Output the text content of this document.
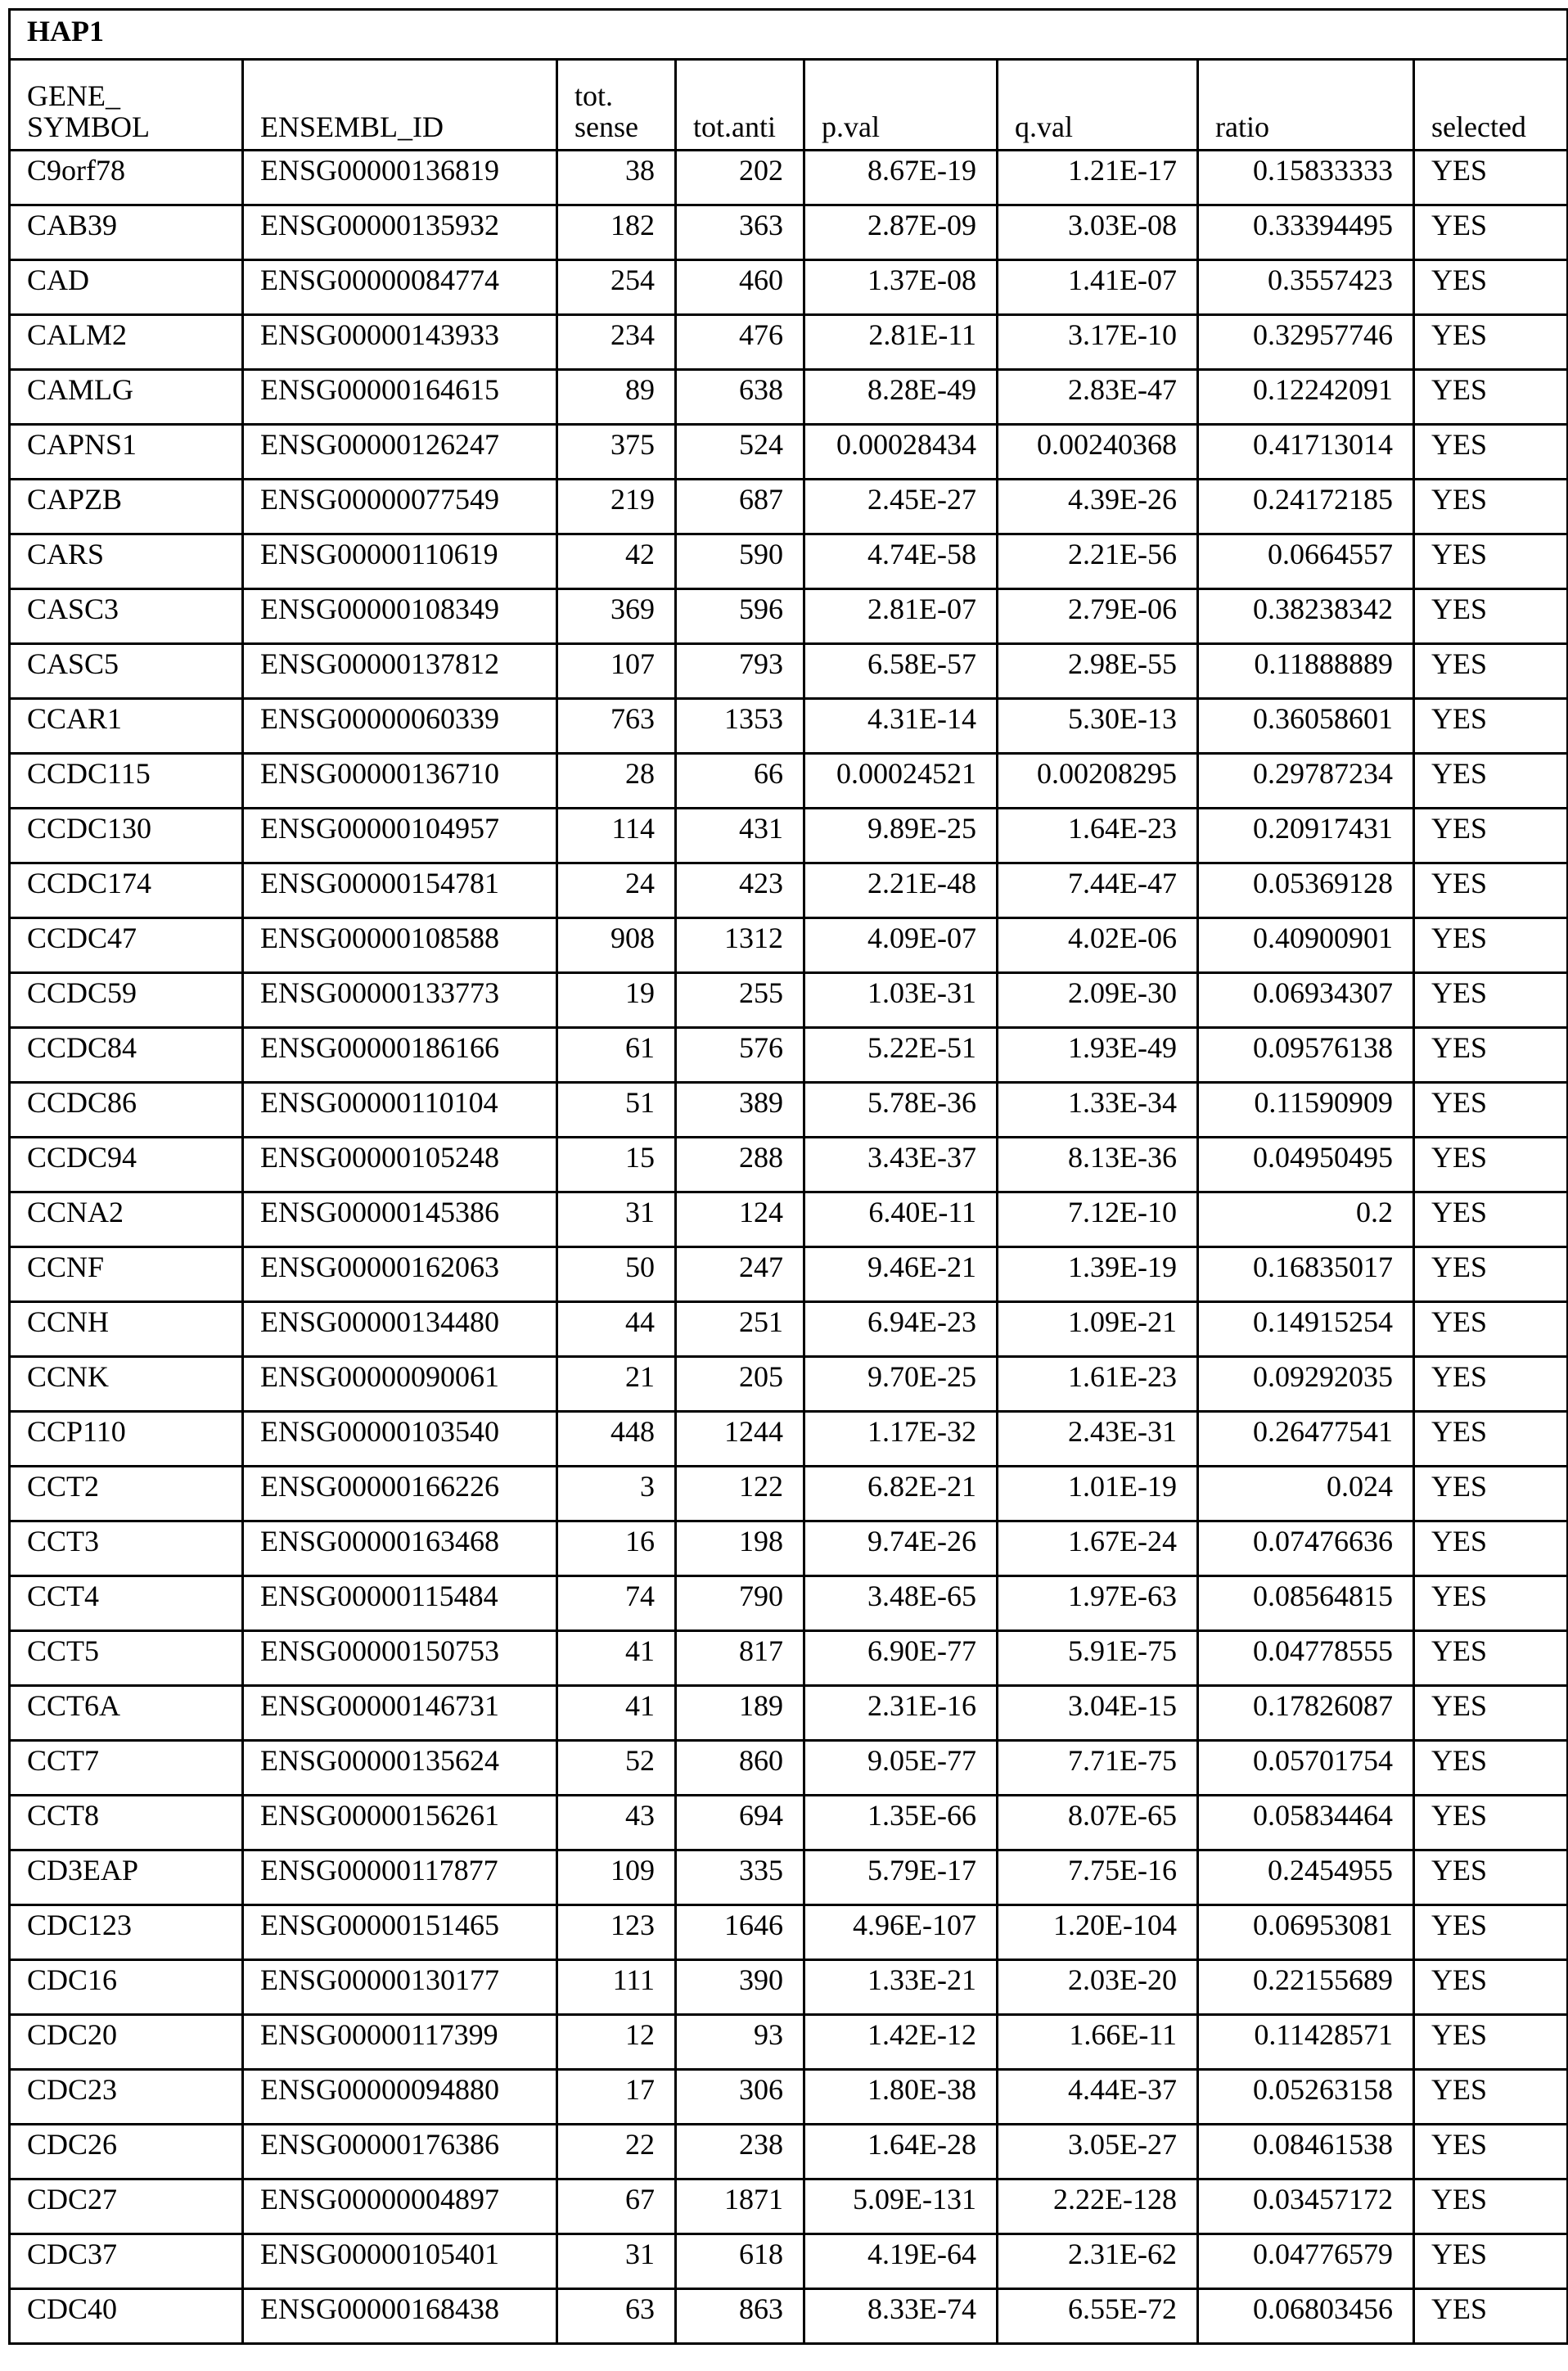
HAP1
GENE_ SYMBOL	ENSEMBL_ID	tot. sense	tot.anti	p.val	q.val	ratio	selected
C9orf78	ENSG00000136819	38	202	8.67E-19	1.21E-17	0.15833333	YES
CAB39	ENSG00000135932	182	363	2.87E-09	3.03E-08	0.33394495	YES
CAD	ENSG00000084774	254	460	1.37E-08	1.41E-07	0.3557423	YES
CALM2	ENSG00000143933	234	476	2.81E-11	3.17E-10	0.32957746	YES
CAMLG	ENSG00000164615	89	638	8.28E-49	2.83E-47	0.12242091	YES
CAPNS1	ENSG00000126247	375	524	0.00028434	0.00240368	0.41713014	YES
CAPZB	ENSG00000077549	219	687	2.45E-27	4.39E-26	0.24172185	YES
CARS	ENSG00000110619	42	590	4.74E-58	2.21E-56	0.0664557	YES
CASC3	ENSG00000108349	369	596	2.81E-07	2.79E-06	0.38238342	YES
CASC5	ENSG00000137812	107	793	6.58E-57	2.98E-55	0.11888889	YES
CCAR1	ENSG00000060339	763	1353	4.31E-14	5.30E-13	0.36058601	YES
CCDC115	ENSG00000136710	28	66	0.00024521	0.00208295	0.29787234	YES
CCDC130	ENSG00000104957	114	431	9.89E-25	1.64E-23	0.20917431	YES
CCDC174	ENSG00000154781	24	423	2.21E-48	7.44E-47	0.05369128	YES
CCDC47	ENSG00000108588	908	1312	4.09E-07	4.02E-06	0.40900901	YES
CCDC59	ENSG00000133773	19	255	1.03E-31	2.09E-30	0.06934307	YES
CCDC84	ENSG00000186166	61	576	5.22E-51	1.93E-49	0.09576138	YES
CCDC86	ENSG00000110104	51	389	5.78E-36	1.33E-34	0.11590909	YES
CCDC94	ENSG00000105248	15	288	3.43E-37	8.13E-36	0.04950495	YES
CCNA2	ENSG00000145386	31	124	6.40E-11	7.12E-10	0.2	YES
CCNF	ENSG00000162063	50	247	9.46E-21	1.39E-19	0.16835017	YES
CCNH	ENSG00000134480	44	251	6.94E-23	1.09E-21	0.14915254	YES
CCNK	ENSG00000090061	21	205	9.70E-25	1.61E-23	0.09292035	YES
CCP110	ENSG00000103540	448	1244	1.17E-32	2.43E-31	0.26477541	YES
CCT2	ENSG00000166226	3	122	6.82E-21	1.01E-19	0.024	YES
CCT3	ENSG00000163468	16	198	9.74E-26	1.67E-24	0.07476636	YES
CCT4	ENSG00000115484	74	790	3.48E-65	1.97E-63	0.08564815	YES
CCT5	ENSG00000150753	41	817	6.90E-77	5.91E-75	0.04778555	YES
CCT6A	ENSG00000146731	41	189	2.31E-16	3.04E-15	0.17826087	YES
CCT7	ENSG00000135624	52	860	9.05E-77	7.71E-75	0.05701754	YES
CCT8	ENSG00000156261	43	694	1.35E-66	8.07E-65	0.05834464	YES
CD3EAP	ENSG00000117877	109	335	5.79E-17	7.75E-16	0.2454955	YES
CDC123	ENSG00000151465	123	1646	4.96E-107	1.20E-104	0.06953081	YES
CDC16	ENSG00000130177	111	390	1.33E-21	2.03E-20	0.22155689	YES
CDC20	ENSG00000117399	12	93	1.42E-12	1.66E-11	0.11428571	YES
CDC23	ENSG00000094880	17	306	1.80E-38	4.44E-37	0.05263158	YES
CDC26	ENSG00000176386	22	238	1.64E-28	3.05E-27	0.08461538	YES
CDC27	ENSG00000004897	67	1871	5.09E-131	2.22E-128	0.03457172	YES
CDC37	ENSG00000105401	31	618	4.19E-64	2.31E-62	0.04776579	YES
CDC40	ENSG00000168438	63	863	8.33E-74	6.55E-72	0.06803456	YES
